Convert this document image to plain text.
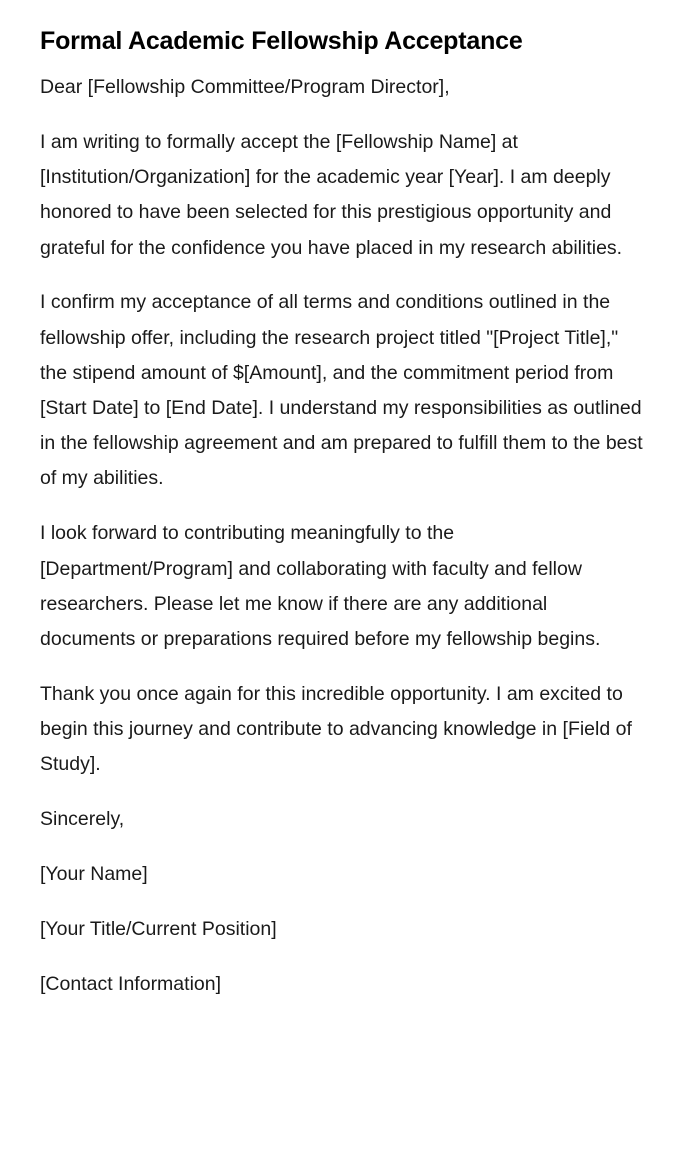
Formal Academic Fellowship Acceptance

Dear [Fellowship Committee/Program Director],

I am writing to formally accept the [Fellowship Name] at [Institution/Organization] for the academic year [Year]. I am deeply honored to have been selected for this prestigious opportunity and grateful for the confidence you have placed in my research abilities.

I confirm my acceptance of all terms and conditions outlined in the fellowship offer, including the research project titled "[Project Title]," the stipend amount of $[Amount], and the commitment period from [Start Date] to [End Date]. I understand my responsibilities as outlined in the fellowship agreement and am prepared to fulfill them to the best of my abilities.

I look forward to contributing meaningfully to the [Department/Program] and collaborating with faculty and fellow researchers. Please let me know if there are any additional documents or preparations required before my fellowship begins.

Thank you once again for this incredible opportunity. I am excited to begin this journey and contribute to advancing knowledge in [Field of Study].

Sincerely,

[Your Name]

[Your Title/Current Position]

[Contact Information]
